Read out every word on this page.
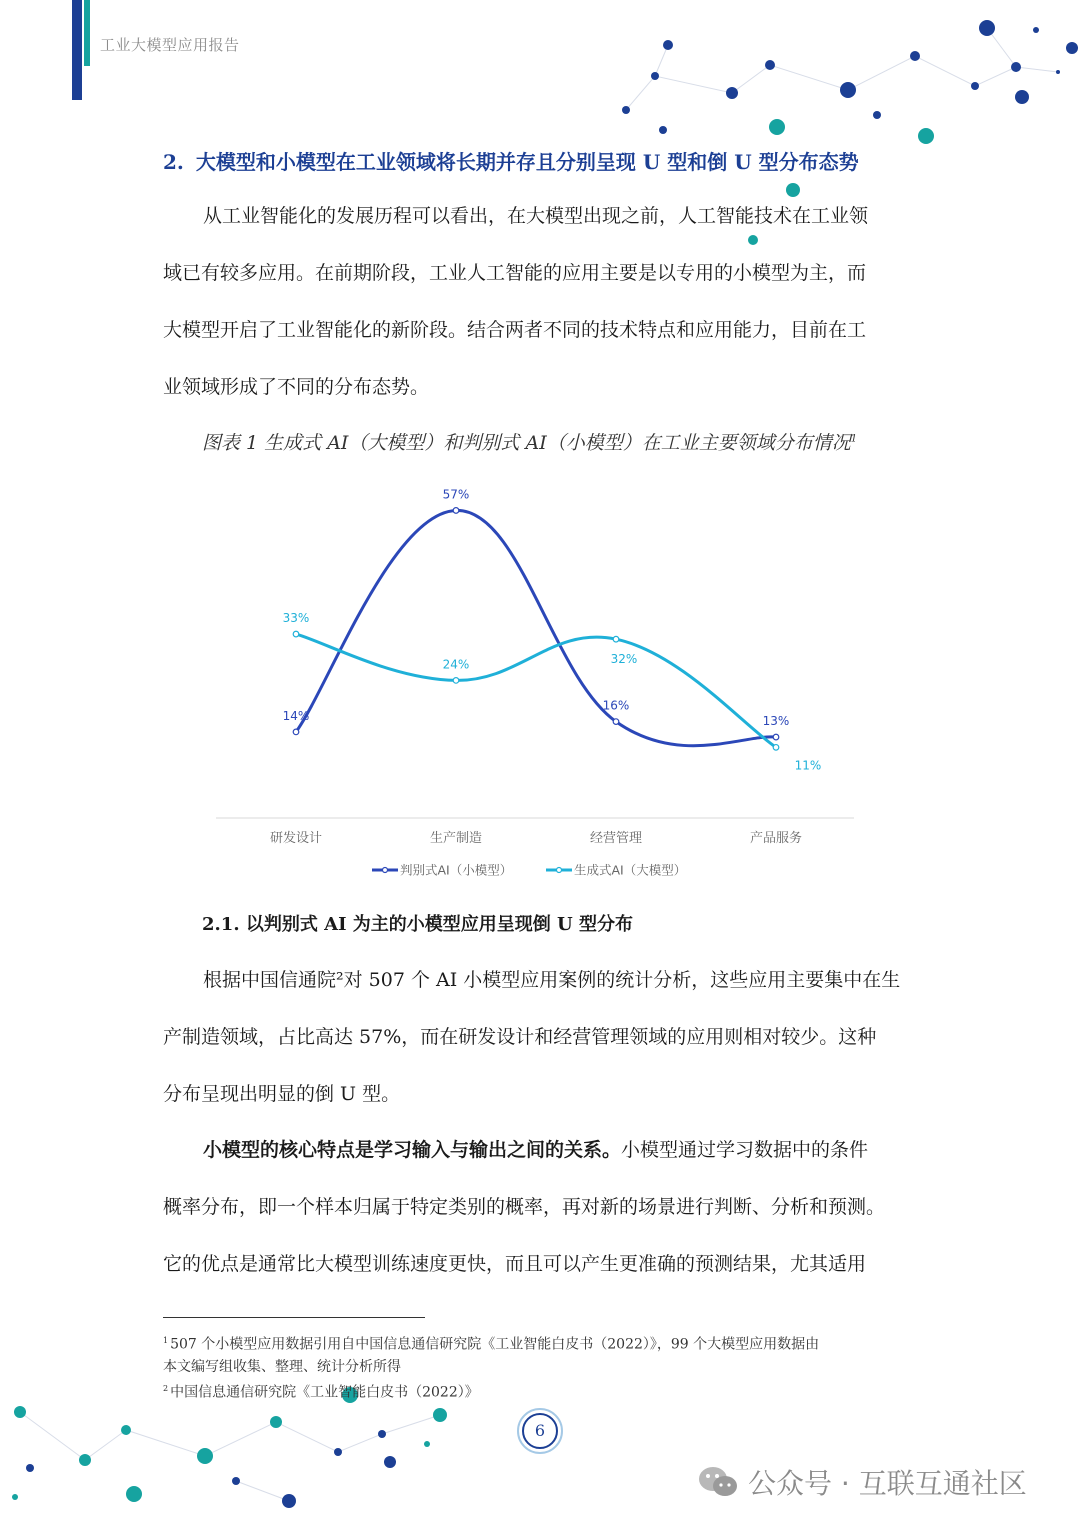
工业大模型应用报告
2. 大模型和小模型在工业领域将长期并存且分别呈现 U 型和倒 U 型分布态势
从工业智能化的发展历程可以看出，在大模型出现之前，人工智能技术在工业领
域已有较多应用。在前期阶段，工业人工智能的应用主要是以专用的小模型为主，而
大模型开启了工业智能化的新阶段。结合两者不同的技术特点和应用能力，目前在工
业领域形成了不同的分布态势。
图表 1 生成式 AI（大模型）和判别式 AI（小模型）在工业主要领域分布情况$^1$
14%
57%
16%
13%
33%
24%	32%
11%
研发设计	生产制造	经营管理	产品服务
判别式AI（小模型）	生成式AI（大模型）
2.1. 以判别式 AI 为主的小模型应用呈现倒 U 型分布
根据中国信通院²对 507 个 AI 小模型应用案例的统计分析，这些应用主要集中在生
产制造领域，占比高达 57%，而在研发设计和经营管理领域的应用则相对较少。这种
分布呈现出明显的倒 U 型。
小模型的核心特点是学习输入与输出之间的关系。小模型通过学习数据中的条件
概率分布，即一个样本归属于特定类别的概率，再对新的场景进行判断、分析和预测。
它的优点是通常比大模型训练速度更快，而且可以产生更准确的预测结果，尤其适用
$^1$ 507 个小模型应用数据引用自中国信息通信研究院《工业智能白皮书（2022）》，99 个大模型应用数据由
本文编写组收集、整理、统计分析所得
$^2$ 中国信息通信研究院《工业智能白皮书（2022）》
6
公众号 · 互联互通社区
